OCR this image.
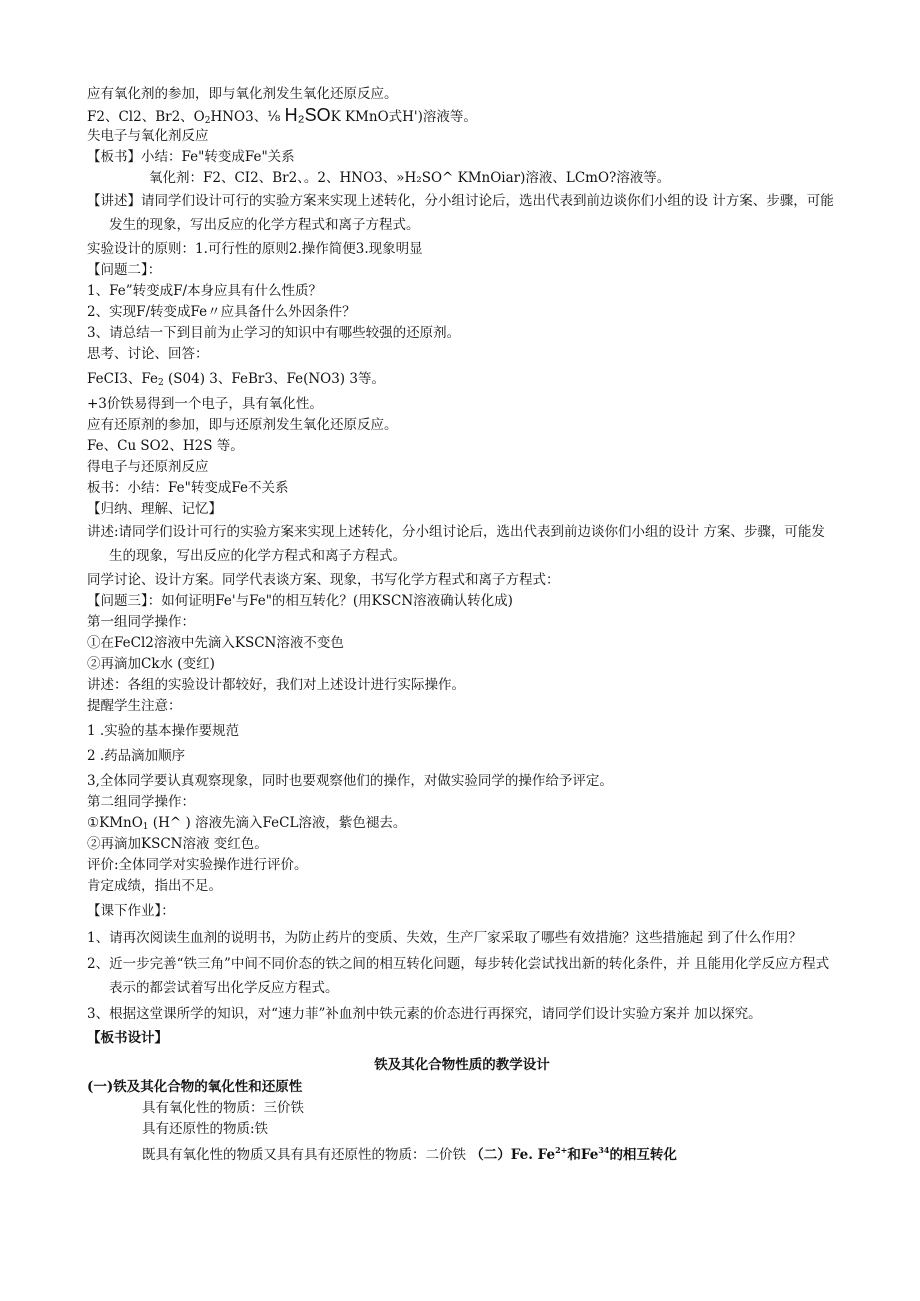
应有氧化剂的参加，即与氧化剂发生氧化还原反应。
F2、Cl2、Br2、$O_2HNO3$、⅛ H₂SOK KMnO式H')溶液等。
失电子与氧化剂反应
【板书】小结：Fe"转变成Fe"关系
氧化剂：F2、CI2、Br2、。2、HNO3、»H₂SO^ KMnOiar)溶液、LCmO?溶液等。
【讲述】请同学们设计可行的实验方案来实现上述转化，分小组讨论后，选出代表到前边谈你们小组的设 计方案、步骤，可能发生的现象，写出反应的化学方程式和离子方程式。
实验设计的原则：1.可行性的原则2.操作简便3.现象明显
【问题二】：
1、Fe”转变成F/本身应具有什么性质？
2、实现F/转变成Fe〃应具备什么外因条件？
3、请总结一下到目前为止学习的知识中有哪些较强的还原剂。
思考、讨论、回答：
FeCI3、$Fe_2$ (S04) 3、FeBr3、Fe(NO3) 3等。
+3价铁易得到一个电子，具有氧化性。
应有还原剂的参加，即与还原剂发生氧化还原反应。
Fe、Cu SO2、H2S 等。
得电子与还原剂反应
板书：小结：Fe"转变成Fe不关系
【归纳、理解、记忆】
讲述:请同学们设计可行的实验方案来实现上述转化，分小组讨论后，选出代表到前边谈你们小组的设计 方案、步骤，可能发生的现象，写出反应的化学方程式和离子方程式。
同学讨论、设计方案。同学代表谈方案、现象，书写化学方程式和离子方程式：
【问题三】：如何证明Fe'与Fe"的相互转化？(用KSCN溶液确认转化成)
第一组同学操作：
①在FeCl2溶液中先滴入KSCN溶液不变色
②再滴加Ck水 (变红)
讲述：各组的实验设计都较好，我们对上述设计进行实际操作。
提醒学生注意：
1 .实验的基本操作要规范
2 .药品滴加顺序
3,全体同学要认真观察现象，同时也要观察他们的操作，对做实验同学的操作给予评定。
第二组同学操作：
①KMnO$_1$ (H^ ) 溶液先滴入FeCL溶液，紫色褪去。
②再滴加KSCN溶液 变红色。
评价:全体同学对实验操作进行评价。
肯定成绩，指出不足。
【课下作业】：
1、请再次阅读生血剂的说明书，为防止药片的变质、失效，生产厂家采取了哪些有效措施？这些措施起 到了什么作用？
2、近一步完善“铁三角”中间不同价态的铁之间的相互转化问题，每步转化尝试找出新的转化条件，并 且能用化学反应方程式表示的都尝试着写出化学反应方程式。
3、根据这堂课所学的知识，对“速力菲”补血剂中铁元素的价态进行再探究，请同学们设计实验方案并 加以探究。
【板书设计】
铁及其化合物性质的教学设计
(一)铁及其化合物的氧化性和还原性
具有氧化性的物质：三价铁
具有还原性的物质:铁
既具有氧化性的物质又具有具有还原性的物质：二价铁 （二）Fe. $Fe^{2+}$和Fe$^{34}$的相互转化
